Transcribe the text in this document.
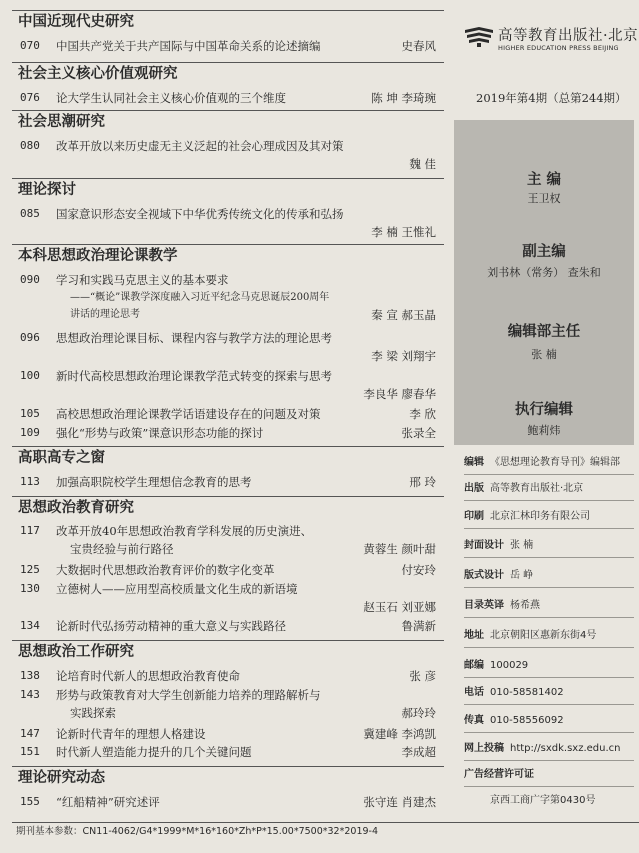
中国近现代史研究
070	中国共产党关于共产国际与中国革命关系的论述摘编	史春风
社会主义核心价值观研究
076	论大学生认同社会主义核心价值观的三个维度	陈 坤 李琦琬
社会思潮研究
080	改革开放以来历史虚无主义泛起的社会心理成因及其对策
魏 佳
理论探讨
085	国家意识形态安全视域下中华优秀传统文化的传承和弘扬
李 楠 王惟礼
本科思想政治理论课教学
090	学习和实践马克思主义的基本要求
——“概论”课教学深度融入习近平纪念马克思诞辰200周年
讲话的理论思考	秦 宣 郝玉晶
096	思想政治理论课目标、课程内容与教学方法的理论思考
李 梁 刘翔宇
100	新时代高校思想政治理论课教学范式转变的探索与思考
李良华 廖春华
105	高校思想政治理论课教学话语建设存在的问题及对策	李 欣
109	强化“形势与政策”课意识形态功能的探讨	张录全
高职高专之窗
113	加强高职院校学生理想信念教育的思考	邢 玲
思想政治教育研究
117	改革开放40年思想政治教育学科发展的历史演进、
宝贵经验与前行路径	黄蓉生 颜叶甜
125	大数据时代思想政治教育评价的数字化变革	付安玲
130	立德树人——应用型高校质量文化生成的新语境
赵玉石 刘亚娜
134	论新时代弘扬劳动精神的重大意义与实践路径	鲁满新
思想政治工作研究
138	论培育时代新人的思想政治教育使命	张 彦
143	形势与政策教育对大学生创新能力培养的理路解析与
实践探索	郝玲玲
147	论新时代青年的理想人格建设	冀建峰 李鸿凯
151	时代新人塑造能力提升的几个关键问题	李成超
理论研究动态
155	“红船精神”研究述评	张守连 肖建杰
高等教育出版社·北京
HIGHER EDUCATION PRESS BEIJING
2019年第4期（总第244期）
主 编
王卫权
副主编
刘书林（常务） 查朱和
编辑部主任
张 楠
执行编辑
鲍莉炜
编辑 《思想理论教育导刊》编辑部
出版 高等教育出版社·北京
印刷 北京汇林印务有限公司
封面设计 张 楠
版式设计 岳 峥
目录英译 杨希燕
地址 北京朝阳区惠新东街4号
邮编 100029
电话 010-58581402
传真 010-58556092
网上投稿 http://sxdk.sxz.edu.cn
广告经营许可证
京西工商广字第0430号
期刊基本参数：CN11-4062/G4*1999*M*16*160*Zh*P*15.00*7500*32*2019-4
